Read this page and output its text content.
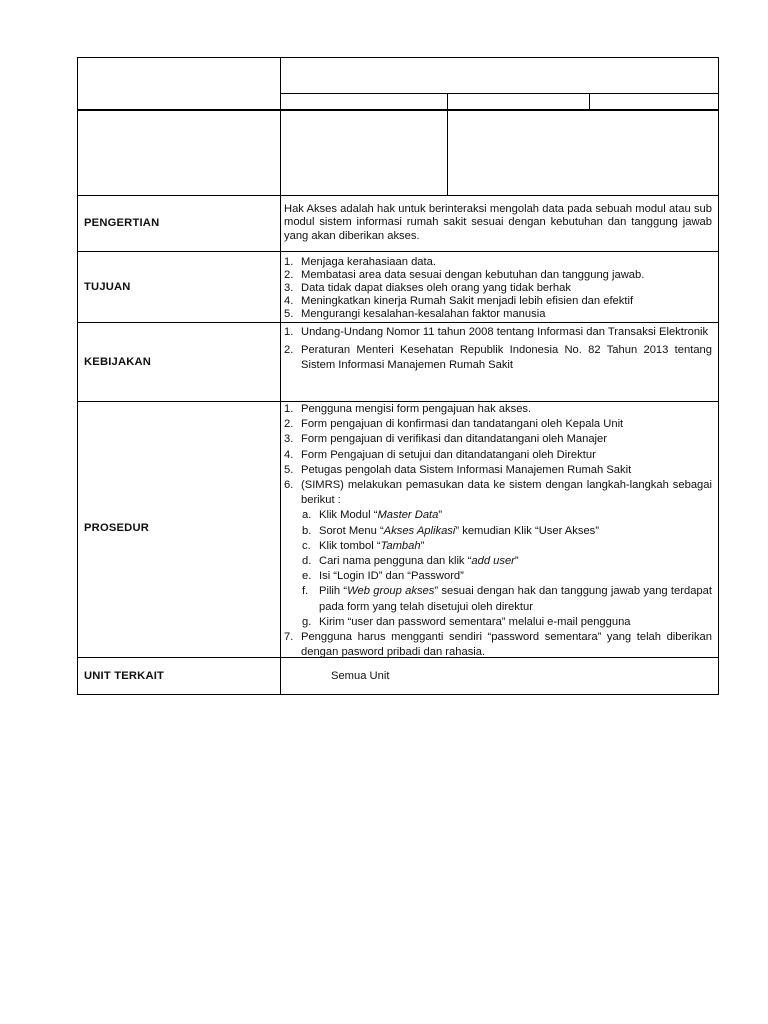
PENGERTIAN
Hak Akses adalah hak untuk berinteraksi mengolah data pada sebuah modul atau sub modul sistem informasi rumah sakit sesuai dengan kebutuhan dan tanggung jawab yang akan diberikan akses.
TUJUAN
1. Menjaga kerahasiaan data.
2. Membatasi area data sesuai dengan kebutuhan dan tanggung jawab.
3. Data tidak dapat diakses oleh orang yang tidak berhak
4. Meningkatkan kinerja Rumah Sakit menjadi lebih efisien dan efektif
5. Mengurangi kesalahan-kesalahan faktor manusia
KEBIJAKAN
1. Undang-Undang Nomor 11 tahun 2008 tentang Informasi dan Transaksi Elektronik
2. Peraturan Menteri Kesehatan Republik Indonesia No. 82 Tahun 2013 tentang Sistem Informasi Manajemen Rumah Sakit
PROSEDUR
1. Pengguna mengisi form pengajuan hak akses.
2. Form pengajuan di konfirmasi dan tandatangani oleh Kepala Unit
3. Form pengajuan di verifikasi dan ditandatangani oleh Manajer
4. Form Pengajuan di setujui dan ditandatangani oleh Direktur
5. Petugas pengolah data Sistem Informasi Manajemen Rumah Sakit
6. (SIMRS) melakukan pemasukan data ke sistem dengan langkah-langkah sebagai berikut :
a. Klik Modul “Master Data”
b. Sorot Menu “Akses Aplikasi” kemudian Klik “User Akses”
c. Klik tombol “Tambah”
d. Cari nama pengguna dan klik “add user”
e. Isi “Login ID” dan “Password”
f. Pilih “Web group akses” sesuai dengan hak dan tanggung jawab yang terdapat pada form yang telah disetujui oleh direktur
g. Kirim “user dan password sementara” melalui e-mail pengguna
7. Pengguna harus mengganti sendiri “password sementara” yang telah diberikan dengan pasword pribadi dan rahasia.
UNIT TERKAIT	Semua Unit
